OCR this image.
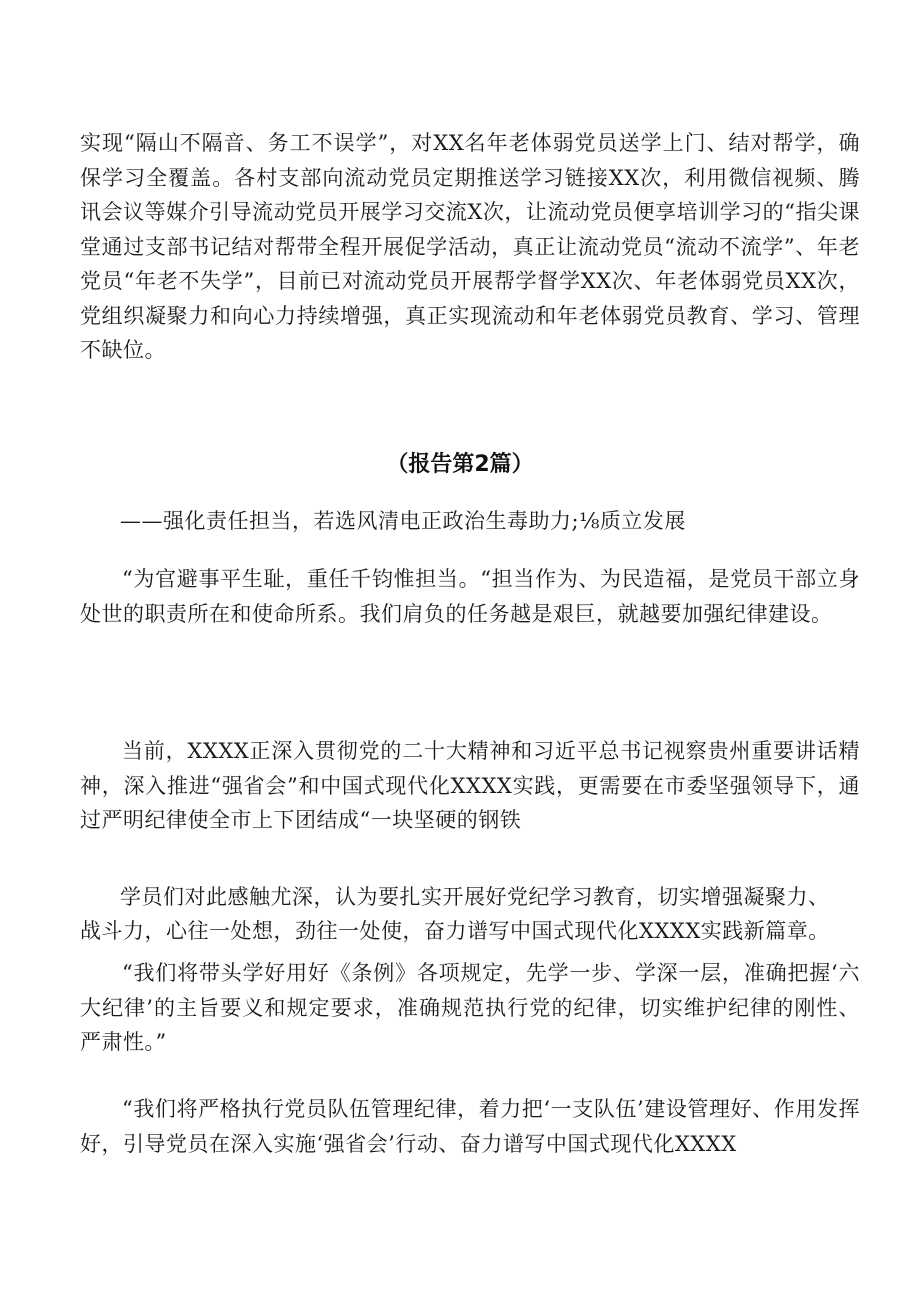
实现“隔山不隔音、务工不误学”，对XX名年老体弱党员送学上门、结对帮学，确保学习全覆盖。各村支部向流动党员定期推送学习链接XX次，利用微信视频、腾讯会议等媒介引导流动党员开展学习交流X次，让流动党员便享培训学习的“指尖课堂通过支部书记结对帮带全程开展促学活动，真正让流动党员“流动不流学”、年老党员“年老不失学”，目前已对流动党员开展帮学督学XX次、年老体弱党员XX次，党组织凝聚力和向心力持续增强，真正实现流动和年老体弱党员教育、学习、管理不缺位。

（报告第2篇）

——强化责任担当，若选风清电正政治生毒助力;⅛质立发展

“为官避事平生耻，重任千钧惟担当。“担当作为、为民造福，是党员干部立身处世的职责所在和使命所系。我们肩负的任务越是艰巨，就越要加强纪律建设。

当前，XXXX正深入贯彻党的二十大精神和习近平总书记视察贵州重要讲话精神，深入推进“强省会”和中国式现代化XXXX实践，更需要在市委坚强领导下，通过严明纪律使全市上下团结成“一块坚硬的钢铁

学员们对此感触尤深，认为要扎实开展好党纪学习教育，切实增强凝聚力、

战斗力，心往一处想，劲往一处使，奋力谱写中国式现代化XXXX实践新篇章。

“我们将带头学好用好《条例》各项规定，先学一步、学深一层，准确把握‘六大纪律’的主旨要义和规定要求，准确规范执行党的纪律，切实维护纪律的刚性、严肃性。”

“我们将严格执行党员队伍管理纪律，着力把‘一支队伍’建设管理好、作用发挥好，引导党员在深入实施‘强省会’行动、奋力谱写中国式现代化XXXX
